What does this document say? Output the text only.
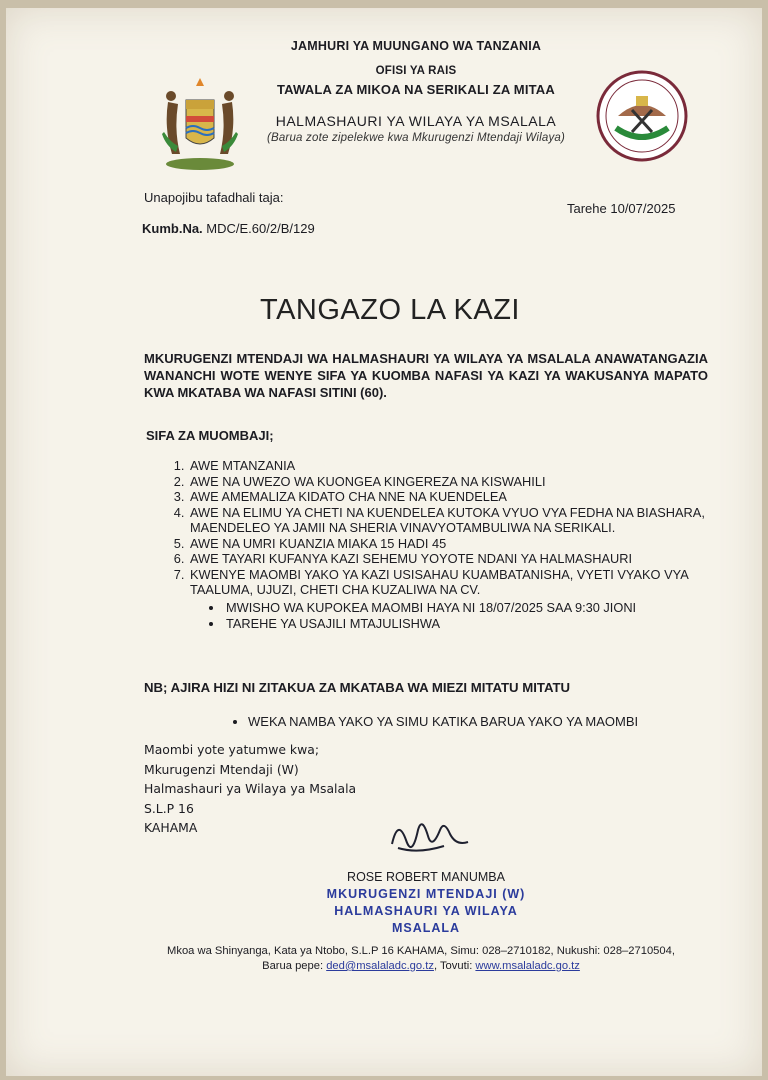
JAMHURI YA MUUNGANO WA TANZANIA
OFISI YA RAIS
TAWALA ZA MIKOA NA SERIKALI ZA MITAA
HALMASHAURI YA WILAYA YA MSALALA
(Barua zote zipelekwe kwa Mkurugenzi Mtendaji Wilaya)
Unapojibu tafadhali taja:
Tarehe 10/07/2025
Kumb.Na. MDC/E.60/2/B/129
TANGAZO LA KAZI
MKURUGENZI MTENDAJI WA HALMASHAURI YA WILAYA YA MSALALA ANAWATANGAZIA WANANCHI WOTE WENYE SIFA YA KUOMBA NAFASI YA KAZI YA WAKUSANYA MAPATO KWA MKATABA WA NAFASI SITINI (60).
SIFA ZA MUOMBAJI;
1. AWE MTANZANIA
2. AWE NA UWEZO WA KUONGEA KINGEREZA NA KISWAHILI
3. AWE AMEMALIZA KIDATO CHA NNE NA KUENDELEA
4. AWE NA ELIMU YA CHETI NA KUENDELEA KUTOKA VYUO VYA FEDHA NA BIASHARA, MAENDELEO YA JAMII NA SHERIA VINAVYOTAMBULIWA NA SERIKALI.
5. AWE NA UMRI KUANZIA MIAKA 15 HADI 45
6. AWE TAYARI KUFANYA KAZI SEHEMU YOYOTE NDANI YA HALMASHAURI
7. KWENYE MAOMBI YAKO YA KAZI USISAHAU KUAMBATANISHA, VYETI VYAKO VYA TAALUMA, UJUZI, CHETI CHA KUZALIWA NA CV.
• MWISHO WA KUPOKEA MAOMBI HAYA NI 18/07/2025 SAA 9:30 JIONI
• TAREHE YA USAJILI MTAJULISHWA
NB; AJIRA HIZI NI ZITAKUA ZA MKATABA WA MIEZI MITATU MITATU
• WEKA NAMBA YAKO YA SIMU KATIKA BARUA YAKO YA MAOMBI
Maombi yote yatumwe kwa;
Mkurugenzi Mtendaji (W)
Halmashauri ya Wilaya ya Msalala
S.L.P 16
KAHAMA
ROSE ROBERT MANUMBA
MKURUGENZI MTENDAJI (W)
HALMASHAURI YA WILAYA
MSALALA
Mkoa wa Shinyanga, Kata ya Ntobo, S.L.P 16 KAHAMA, Simu: 028–2710182, Nukushi: 028–2710504,
Barua pepe: ded@msalaladc.go.tz, Tovuti: www.msalaladc.go.tz
